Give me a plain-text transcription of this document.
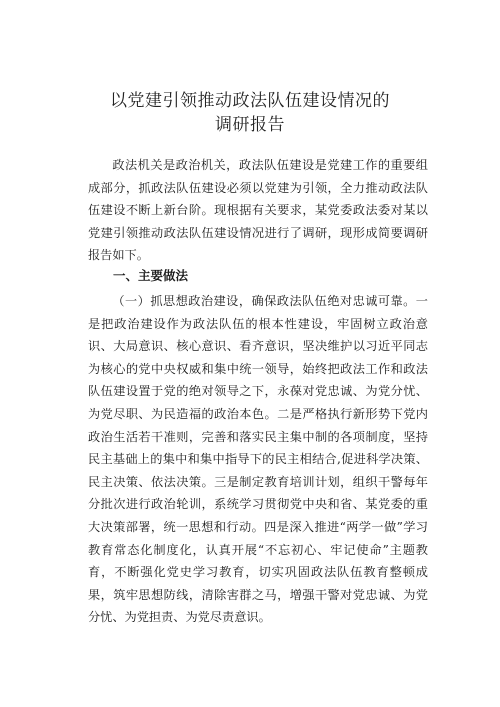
以党建引领推动政法队伍建设情况的
调研报告

政法机关是政治机关，政法队伍建设是党建工作的重要组成部分，抓政法队伍建设必须以党建为引领，全力推动政法队伍建设不断上新台阶。现根据有关要求，某党委政法委对某以党建引领推动政法队伍建设情况进行了调研，现形成简要调研报告如下。

一、主要做法

（一）抓思想政治建设，确保政法队伍绝对忠诚可靠。一是把政治建设作为政法队伍的根本性建设，牢固树立政治意识、大局意识、核心意识、看齐意识，坚决维护以习近平同志为核心的党中央权威和集中统一领导，始终把政法工作和政法队伍建设置于党的绝对领导之下，永葆对党忠诚、为党分忧、为党尽职、为民造福的政治本色。二是严格执行新形势下党内政治生活若干准则，完善和落实民主集中制的各项制度，坚持民主基础上的集中和集中指导下的民主相结合,促进科学决策、民主决策、依法决策。三是制定教育培训计划，组织干警每年分批次进行政治轮训，系统学习贯彻党中央和省、某党委的重大决策部署，统一思想和行动。四是深入推进“两学一做”学习教育常态化制度化，认真开展“不忘初心、牢记使命”主题教育，不断强化党史学习教育，切实巩固政法队伍教育整顿成果，筑牢思想防线，清除害群之马，增强干警对党忠诚、为党分忧、为党担责、为党尽责意识。
